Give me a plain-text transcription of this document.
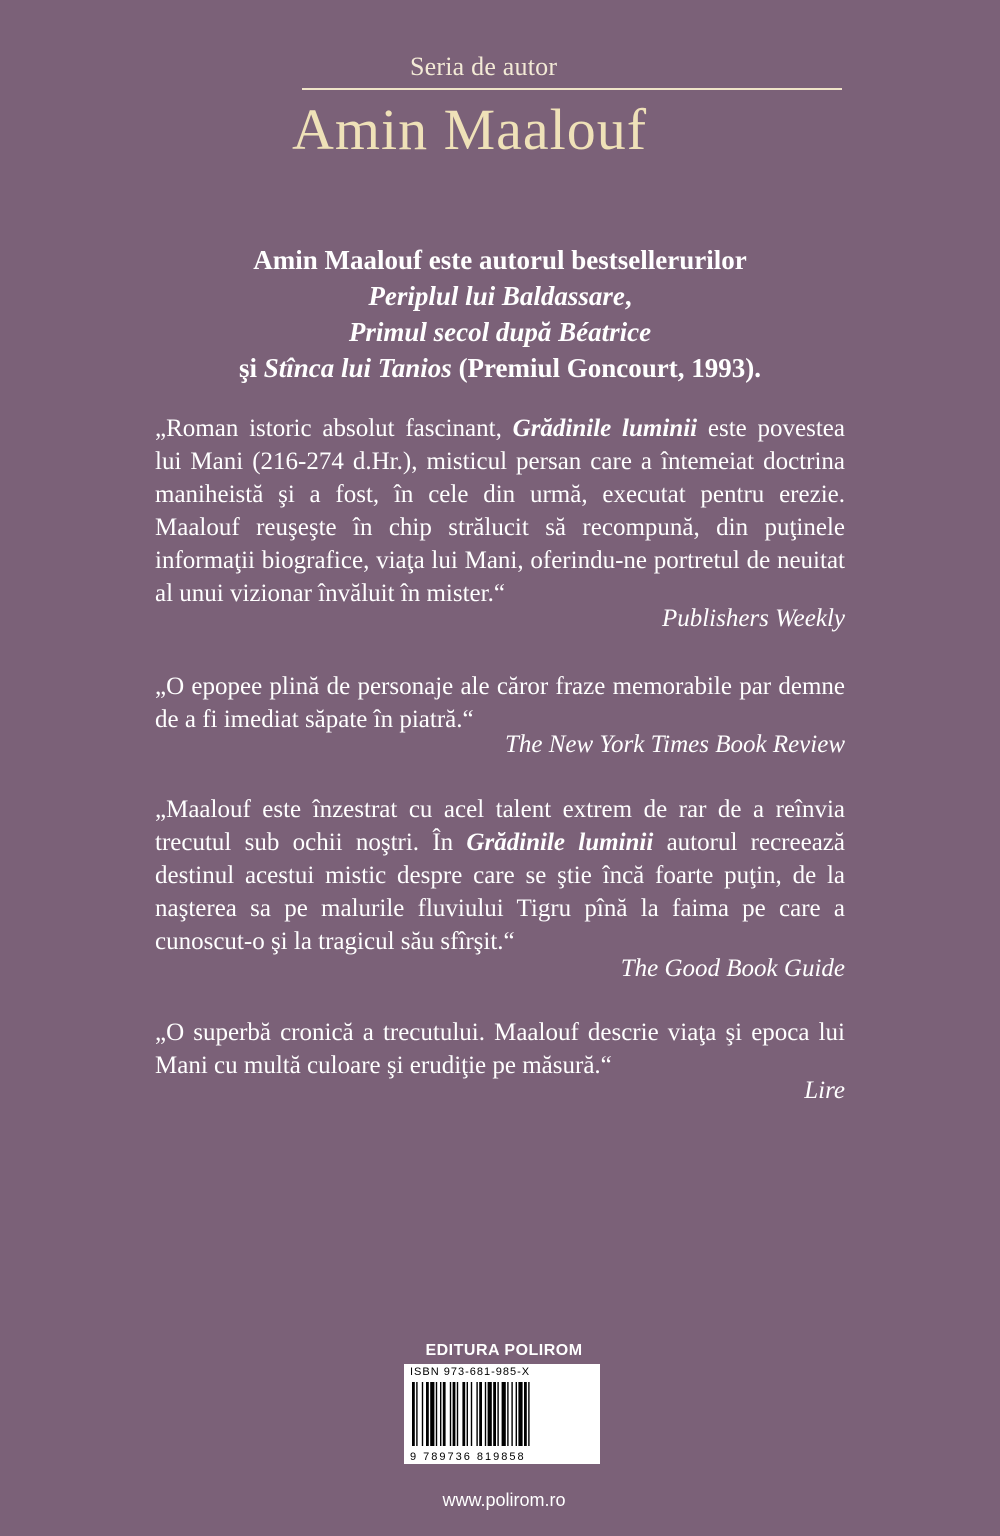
Seria de autor
Amin Maalouf
Amin Maalouf este autorul bestsellerurilor
Periplul lui Baldassare,
Primul secol după Béatrice
şi Stînca lui Tanios (Premiul Goncourt, 1993).
„Roman istoric absolut fascinant, Grădinile luminii este povestea lui Mani (216-274 d.Hr.), misticul persan care a întemeiat doctrina maniheistă şi a fost, în cele din urmă, executat pentru erezie. Maalouf reuşeşte în chip strălucit să recompună, din puţinele informaţii biografice, viaţa lui Mani, oferindu-ne portretul de neuitat al unui vizionar învăluit în mister.“
Publishers Weekly
„O epopee plină de personaje ale căror fraze memorabile par demne de a fi imediat săpate în piatră.“
The New York Times Book Review
„Maalouf este înzestrat cu acel talent extrem de rar de a reînvia trecutul sub ochii noştri. În Grădinile luminii autorul recreează destinul acestui mistic despre care se ştie încă foarte puţin, de la naşterea sa pe malurile fluviului Tigru pînă la faima pe care a cunoscut-o şi la tragicul său sfîrşit.“
The Good Book Guide
„O superbă cronică a trecutului. Maalouf descrie viaţa şi epoca lui Mani cu multă culoare şi erudiţie pe măsură.“
Lire
EDITURA POLIROM
ISBN 973-681-985-X
9 789736 819858
www.polirom.ro
